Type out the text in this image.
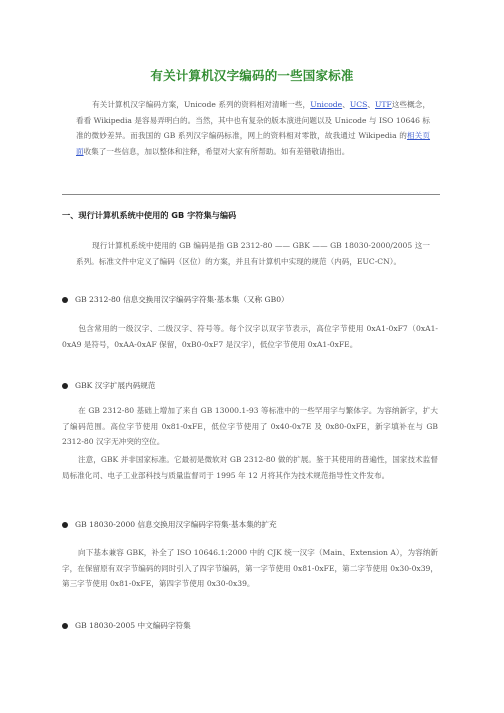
有关计算机汉字编码的一些国家标准

有关计算机汉字编码方案，Unicode 系列的资料相对清晰一些，Unicode、UCS、UTF这些概念，看看 Wikipedia 是容易弄明白的。当然，其中也有复杂的版本演进问题以及 Unicode 与 ISO 10646 标准的微妙差异。而我国的 GB 系列汉字编码标准，网上的资料相对零散，故我通过 Wikipedia 的相关页面收集了一些信息，加以整体和注释，希望对大家有所帮助。如有差错敬请指出。

一、现行计算机系统中使用的 GB 字符集与编码

现行计算机系统中使用的 GB 编码是指 GB 2312-80 —— GBK —— GB 18030-2000/2005 这一系列。标准文件中定义了编码（区位）的方案，并且有计算机中实现的规范（内码，EUC-CN）。

GB 2312-80 信息交换用汉字编码字符集·基本集（又称 GB0）

包含常用的一级汉字、二级汉字、符号等。每个汉字以双字节表示，高位字节使用 0xA1-0xF7（0xA1-0xA9 是符号，0xAA-0xAF 保留，0xB0-0xF7 是汉字），低位字节使用 0xA1-0xFE。

GBK 汉字扩展内码规范

在 GB 2312-80 基础上增加了来自 GB 13000.1-93 等标准中的一些罕用字与繁体字。为容纳新字，扩大了编码范围。高位字节使用 0x81-0xFE，低位字节使用了 0x40-0x7E 及 0x80-0xFE，新字填补在与 GB 2312-80 汉字无冲突的空位。

注意，GBK 并非国家标准。它最初是微软对 GB 2312-80 做的扩展。鉴于其使用的普遍性，国家技术监督局标准化司、电子工业部科技与质量监督司于 1995 年 12 月将其作为技术规范指导性文件发布。

GB 18030-2000 信息交换用汉字编码字符集·基本集的扩充

向下基本兼容 GBK，补全了 ISO 10646.1:2000 中的 CJK 统一汉字（Main、Extension A），为容纳新字，在保留原有双字节编码的同时引入了四字节编码，第一字节使用 0x81-0xFE，第二字节使用 0x30-0x39，第三字节使用 0x81-0xFE，第四字节使用 0x30-0x39。

GB 18030-2005 中文编码字符集
